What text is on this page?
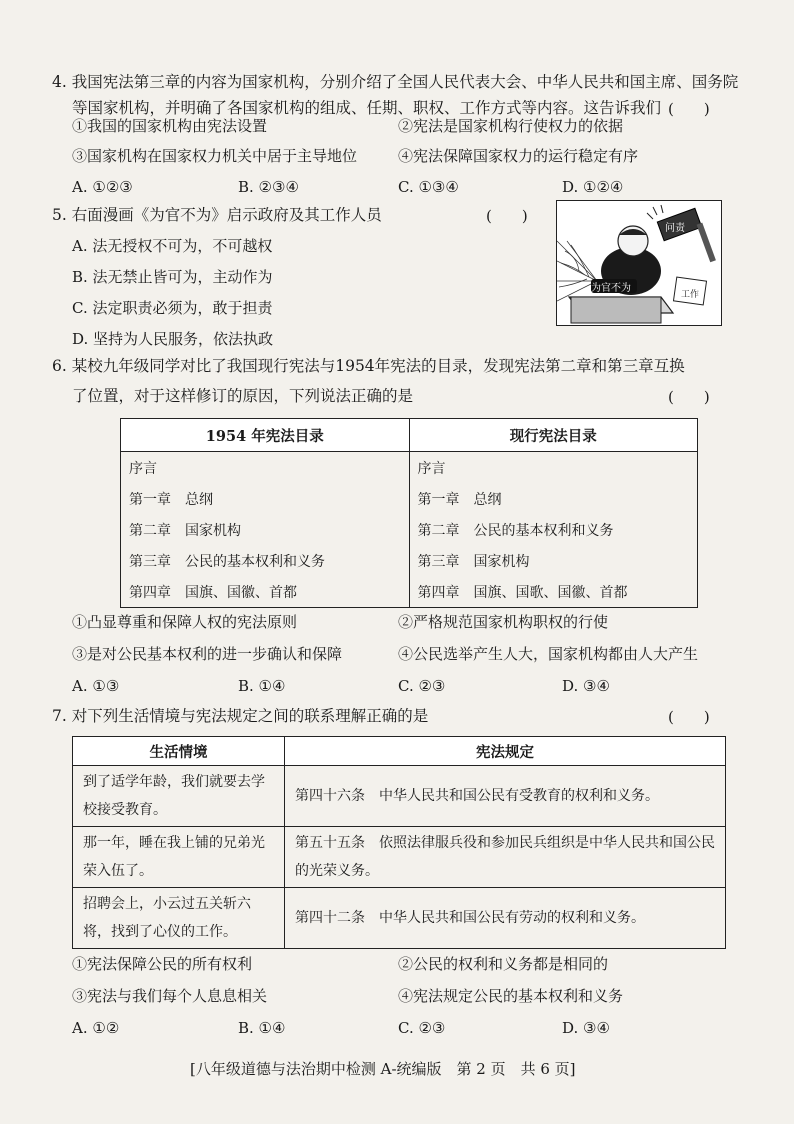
4. 我国宪法第三章的内容为国家机构，分别介绍了全国人民代表大会、中华人民共和国主席、国务院
等国家机构，并明确了各国家机构的组成、任期、职权、工作方式等内容。这告诉我们 (　　)
①我国的国家机构由宪法设置	②宪法是国家机构行使权力的依据
③国家机构在国家权力机关中居于主导地位	④宪法保障国家权力的运行稳定有序
A. ①②③	B. ②③④	C. ①③④	D. ①②④
5. 右面漫画《为官不为》启示政府及其工作人员	(　　)
A. 法无授权不可为，不可越权
B. 法无禁止皆可为，主动作为
C. 法定职责必须为，敢于担责
D. 坚持为人民服务，依法执政
问责
为官不为
工作
6. 某校九年级同学对比了我国现行宪法与1954年宪法的目录，发现宪法第二章和第三章互换
了位置，对于这样修订的原因，下列说法正确的是	(　　)
1954 年宪法目录	现行宪法目录
序言	序言
第一章　总纲	第一章　总纲
第二章　国家机构	第二章　公民的基本权利和义务
第三章　公民的基本权利和义务	第三章　国家机构
第四章　国旗、国徽、首都	第四章　国旗、国歌、国徽、首都
①凸显尊重和保障人权的宪法原则	②严格规范国家机构职权的行使
③是对公民基本权利的进一步确认和保障	④公民选举产生人大，国家机构都由人大产生
A. ①③	B. ①④	C. ②③	D. ③④
7. 对下列生活情境与宪法规定之间的联系理解正确的是	(　　)
生活情境	宪法规定
到了适学年龄，我们就要去学校接受教育。	第四十六条　中华人民共和国公民有受教育的权利和义务。
那一年，睡在我上铺的兄弟光荣入伍了。	第五十五条　依照法律服兵役和参加民兵组织是中华人民共和国公民的光荣义务。
招聘会上，小云过五关斩六将，找到了心仪的工作。	第四十二条　中华人民共和国公民有劳动的权利和义务。
①宪法保障公民的所有权利	②公民的权利和义务都是相同的
③宪法与我们每个人息息相关	④宪法规定公民的基本权利和义务
A. ①②	B. ①④	C. ②③	D. ③④
[八年级道德与法治期中检测 A-统编版　第 2 页　共 6 页]
